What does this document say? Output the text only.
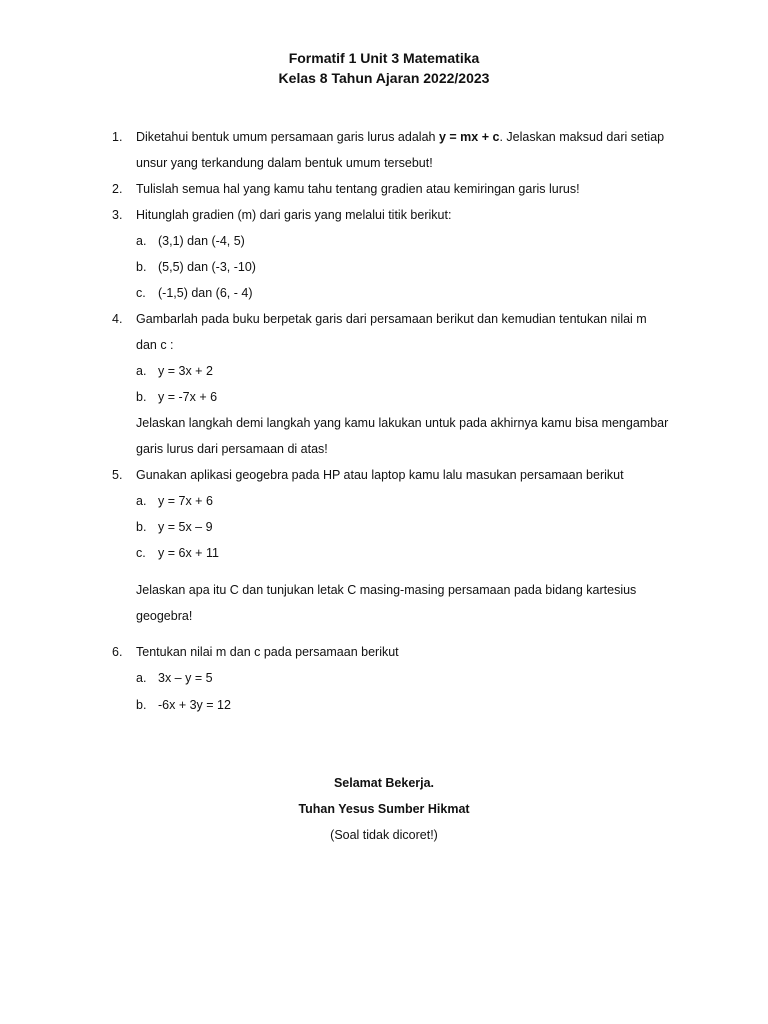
Formatif 1 Unit 3 Matematika
Kelas 8 Tahun Ajaran 2022/2023
1. Diketahui bentuk umum persamaan garis lurus adalah y = mx + c. Jelaskan maksud dari setiap
unsur yang terkandung dalam bentuk umum tersebut!
2. Tulislah semua hal yang kamu tahu tentang gradien atau kemiringan garis lurus!
3. Hitunglah gradien (m) dari garis yang melalui titik berikut:
a. (3,1) dan (-4, 5)
b. (5,5) dan (-3, -10)
c. (-1,5) dan (6, - 4)
4. Gambarlah pada buku berpetak garis dari persamaan berikut dan kemudian tentukan nilai m
dan c :
a. y = 3x + 2
b. y = -7x + 6
Jelaskan langkah demi langkah yang kamu lakukan untuk pada akhirnya kamu bisa mengambar
garis lurus dari persamaan di atas!
5. Gunakan aplikasi geogebra pada HP atau laptop kamu lalu masukan persamaan berikut
a. y = 7x + 6
b. y = 5x – 9
c. y = 6x + 11
Jelaskan apa itu C dan tunjukan letak C masing-masing persamaan pada bidang kartesius
geogebra!
6. Tentukan nilai m dan c pada persamaan berikut
a. 3x – y = 5
b. -6x + 3y = 12
Selamat Bekerja.
Tuhan Yesus Sumber Hikmat
(Soal tidak dicoret!)
